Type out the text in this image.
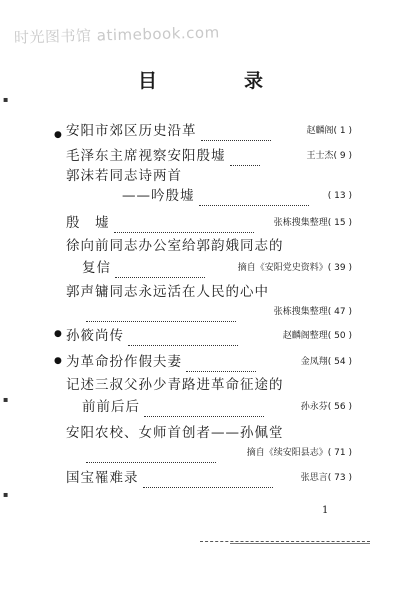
时光图书馆 atimebook.com
目　录
▪
▪
▪
●
●
●
安阳市郊区历史沿革	赵麟阁( 1 )
毛泽东主席视察安阳殷墟	王士杰( 9 )
郭沫若同志诗两首
——吟殷墟	( 13 )
殷　墟	张栋搜集整理( 15 )
徐向前同志办公室给郭韵娥同志的
复信	摘自《安阳党史资料》( 39 )
郭声镛同志永远活在人民的心中
张栋搜集整理( 47 )
孙筱尚传	赵麟阁整理( 50 )
为革命扮作假夫妻	金凤翔( 54 )
记述三叔父孙少青路进革命征途的
前前后后	孙永芬( 56 )
安阳农校、女师首创者——孙佩堂
摘自《续安阳县志》( 71 )
国宝罹难录	张思言( 73 )
1
